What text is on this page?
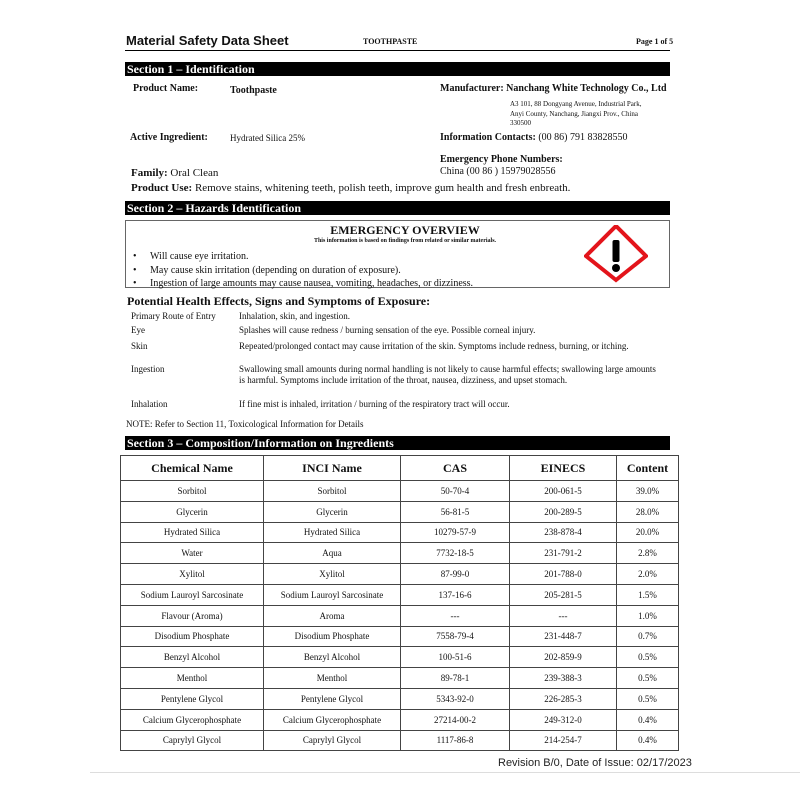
Material Safety Data Sheet	TOOTHPASTE	Page 1 of 5
Section 1 – Identification
Product Name:	Toothpaste	Manufacturer: Nanchang White Technology Co., Ltd
A3 101, 88 Dongyang Avenue, Industrial Park,
Anyi County, Nanchang, Jiangxi Prov., China
330500
Active Ingredient: Hydrated Silica 25%	Information Contacts: (00 86) 791 83828550
Emergency Phone Numbers:
China (00 86 ) 15979028556
Family: Oral Clean
Product Use: Remove stains, whitening teeth, polish teeth, improve gum health and fresh enbreath.
Section 2 – Hazards Identification
EMERGENCY OVERVIEW
This information is based on findings from related or similar materials.
• Will cause eye irritation.
• May cause skin irritation (depending on duration of exposure).
• Ingestion of large amounts may cause nausea, vomiting, headaches, or dizziness.
Potential Health Effects, Signs and Symptoms of Exposure:
Primary Route of Entry	Inhalation, skin, and ingestion.
Eye	Splashes will cause redness / burning sensation of the eye. Possible corneal injury.
Skin	Repeated/prolonged contact may cause irritation of the skin. Symptoms include redness, burning, or itching.
Ingestion	Swallowing small amounts during normal handling is not likely to cause harmful effects; swallowing large amounts is harmful. Symptoms include irritation of the throat, nausea, dizziness, and upset stomach.
Inhalation	If fine mist is inhaled, irritation / burning of the respiratory tract will occur.
NOTE: Refer to Section 11, Toxicological Information for Details
Section 3 – Composition/Information on Ingredients
Chemical Name	INCI Name	CAS	EINECS	Content
Sorbitol	Sorbitol	50-70-4	200-061-5	39.0%
Glycerin	Glycerin	56-81-5	200-289-5	28.0%
Hydrated Silica	Hydrated Silica	10279-57-9	238-878-4	20.0%
Water	Aqua	7732-18-5	231-791-2	2.8%
Xylitol	Xylitol	87-99-0	201-788-0	2.0%
Sodium Lauroyl Sarcosinate	Sodium Lauroyl Sarcosinate	137-16-6	205-281-5	1.5%
Flavour (Aroma)	Aroma	---	---	1.0%
Disodium Phosphate	Disodium Phosphate	7558-79-4	231-448-7	0.7%
Benzyl Alcohol	Benzyl Alcohol	100-51-6	202-859-9	0.5%
Menthol	Menthol	89-78-1	239-388-3	0.5%
Pentylene Glycol	Pentylene Glycol	5343-92-0	226-285-3	0.5%
Calcium Glycerophosphate	Calcium Glycerophosphate	27214-00-2	249-312-0	0.4%
Caprylyl Glycol	Caprylyl Glycol	1117-86-8	214-254-7	0.4%
Revision B/0, Date of Issue: 02/17/2023
